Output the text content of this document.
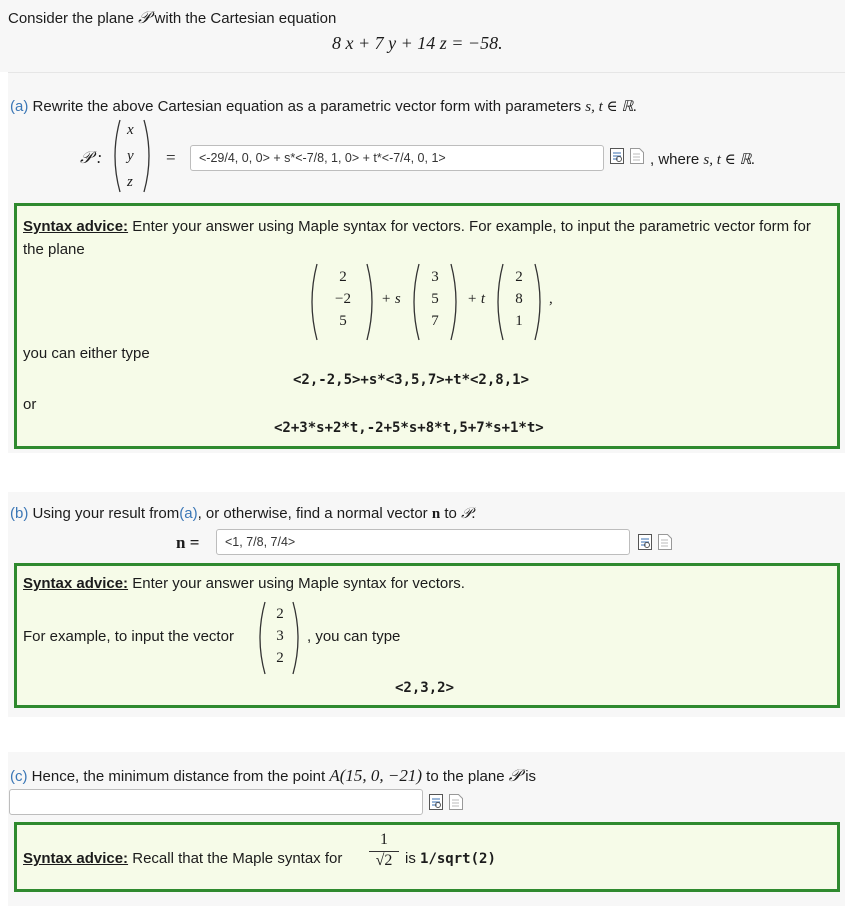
Consider the plane 𝒫 with the Cartesian equation
8 x + 7 y + 14 z = −58.
(a) Rewrite the above Cartesian equation as a parametric vector form with parameters s, t ∈ ℝ.
𝒫 :
x
y
z
=
<-29/4, 0, 0> + s*<-7/8, 1, 0> + t*<-7/4, 0, 1>	, where s, t ∈ ℝ.
Syntax advice: Enter your answer using Maple syntax for vectors. For example, to input the parametric vector form for the plane
2
−2
5
+ s
3
5
7
+ t
2
8
1
,
you can either type
<2,-2,5>+s*<3,5,7>+t*<2,8,1>
or
<2+3*s+2*t,-2+5*s+8*t,5+7*s+1*t>
(b) Using your result from(a), or otherwise, find a normal vector n to 𝒫.
n =
<1, 7/8, 7/4>
Syntax advice: Enter your answer using Maple syntax for vectors.
For example, to input the vector
2
3
2
, you can type
<2,3,2>
(c) Hence, the minimum distance from the point A(15, 0, −21) to the plane 𝒫 is
Syntax advice: Recall that the Maple syntax for $\frac{1}{√2}$ is 1/sqrt(2)
